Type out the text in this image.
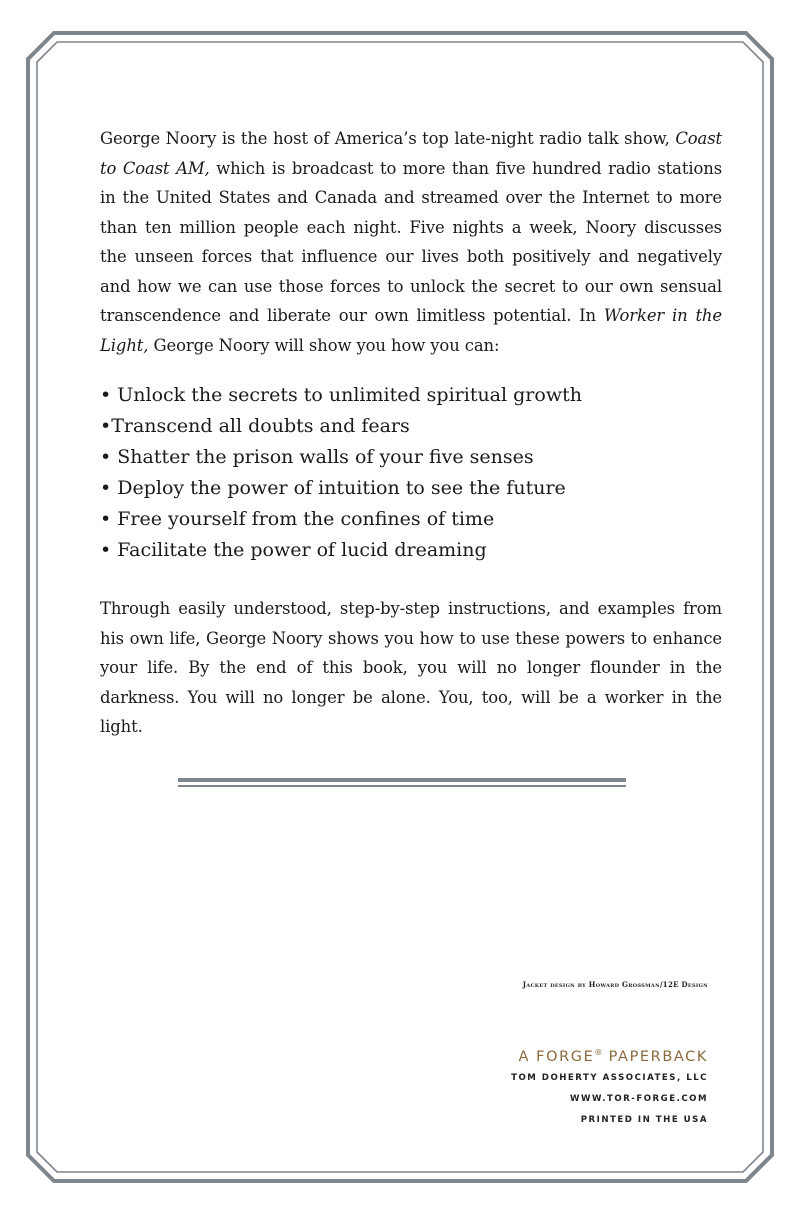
George Noory is the host of America’s top late-night radio talk show, Coast to Coast AM, which is broadcast to more than five hundred radio stations in the United States and Canada and streamed over the Internet to more than ten million people each night. Five nights a week, Noory discusses the unseen forces that influence our lives both positively and negatively and how we can use those forces to unlock the secret to our own sensual transcendence and liberate our own limitless potential. In Worker in the Light, George Noory will show you how you can:

• Unlock the secrets to unlimited spiritual growth
•Transcend all doubts and fears
• Shatter the prison walls of your five senses
• Deploy the power of intuition to see the future
• Free yourself from the confines of time
• Facilitate the power of lucid dreaming

Through easily understood, step-by-step instructions, and examples from his own life, George Noory shows you how to use these powers to enhance your life. By the end of this book, you will no longer flounder in the darkness. You will no longer be alone. You, too, will be a worker in the light.

Jacket design by Howard Grossman/12E Design
A FORGE® PAPERBACK
TOM DOHERTY ASSOCIATES, LLC
WWW.TOR-FORGE.COM
PRINTED IN THE USA
